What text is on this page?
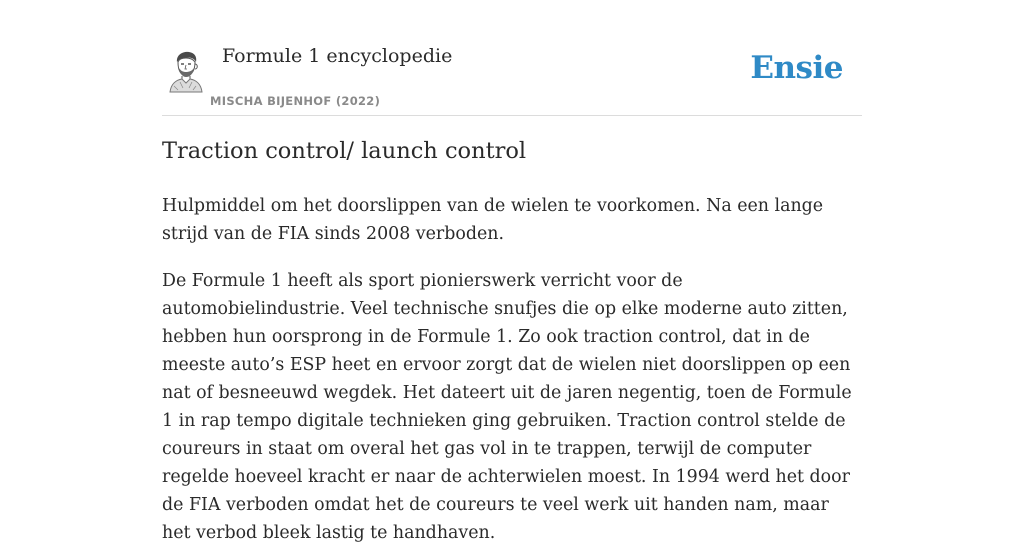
Formule 1 encyclopedie
MISCHA BIJENHOF (2022)
Ensie
Traction control/ launch control

Hulpmiddel om het doorslippen van de wielen te voorkomen. Na een lange strijd van de FIA sinds 2008 verboden.

De Formule 1 heeft als sport pionierswerk verricht voor de automobielindustrie. Veel technische snufjes die op elke moderne auto zitten, hebben hun oorsprong in de Formule 1. Zo ook traction control, dat in de meeste auto’s ESP heet en ervoor zorgt dat de wielen niet doorslippen op een nat of besneeuwd wegdek. Het dateert uit de jaren negentig, toen de Formule 1 in rap tempo digitale technieken ging gebruiken. Traction control stelde de coureurs in staat om overal het gas vol in te trappen, terwijl de computer regelde hoeveel kracht er naar de achterwielen moest. In 1994 werd het door de FIA verboden omdat het de coureurs te veel werk uit handen nam, maar het verbod bleek lastig te handhaven.
